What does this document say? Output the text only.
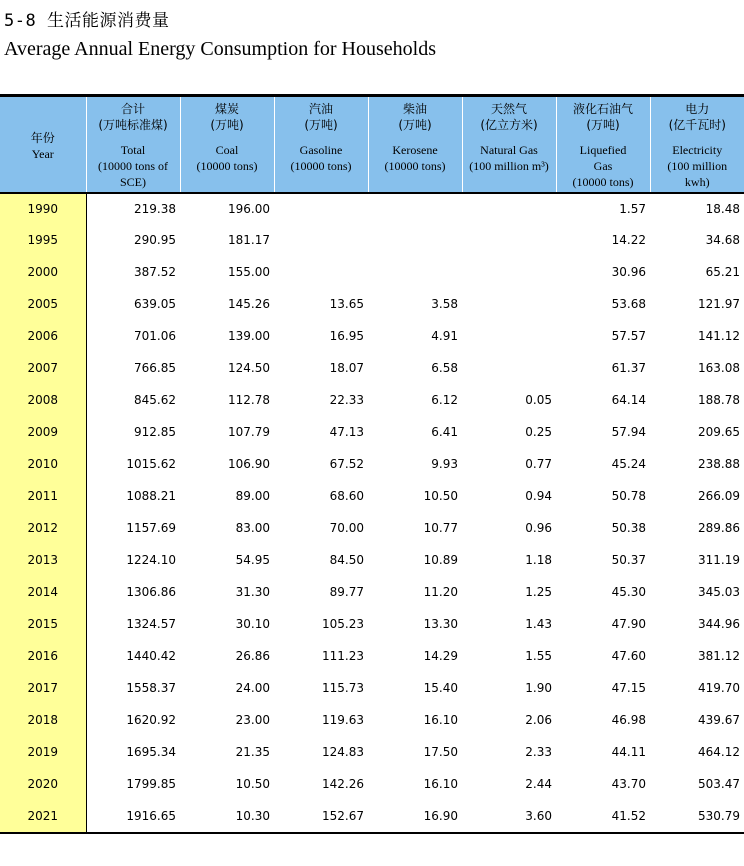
5-8 生活能源消费量
Average Annual Energy Consumption for Households
年份
Year	合计
(万吨标准煤)
Total
(10000 tons of
SCE)	煤炭
(万吨)
Coal
(10000 tons)	汽油
(万吨)
Gasoline
(10000 tons)	柴油
(万吨)
Kerosene
(10000 tons)	天然气
(亿立方米)
Natural Gas
(100 million m³)	液化石油气
(万吨)
Liquefied
Gas
(10000 tons)	电力
(亿千瓦时)
Electricity
(100 million
kwh)

1990	219.38	196.00				1.57	18.48
1995	290.95	181.17				14.22	34.68
2000	387.52	155.00				30.96	65.21
2005	639.05	145.26	13.65	3.58		53.68	121.97
2006	701.06	139.00	16.95	4.91		57.57	141.12
2007	766.85	124.50	18.07	6.58		61.37	163.08
2008	845.62	112.78	22.33	6.12	0.05	64.14	188.78
2009	912.85	107.79	47.13	6.41	0.25	57.94	209.65
2010	1015.62	106.90	67.52	9.93	0.77	45.24	238.88
2011	1088.21	89.00	68.60	10.50	0.94	50.78	266.09
2012	1157.69	83.00	70.00	10.77	0.96	50.38	289.86
2013	1224.10	54.95	84.50	10.89	1.18	50.37	311.19
2014	1306.86	31.30	89.77	11.20	1.25	45.30	345.03
2015	1324.57	30.10	105.23	13.30	1.43	47.90	344.96
2016	1440.42	26.86	111.23	14.29	1.55	47.60	381.12
2017	1558.37	24.00	115.73	15.40	1.90	47.15	419.70
2018	1620.92	23.00	119.63	16.10	2.06	46.98	439.67
2019	1695.34	21.35	124.83	17.50	2.33	44.11	464.12
2020	1799.85	10.50	142.26	16.10	2.44	43.70	503.47
2021	1916.65	10.30	152.67	16.90	3.60	41.52	530.79
